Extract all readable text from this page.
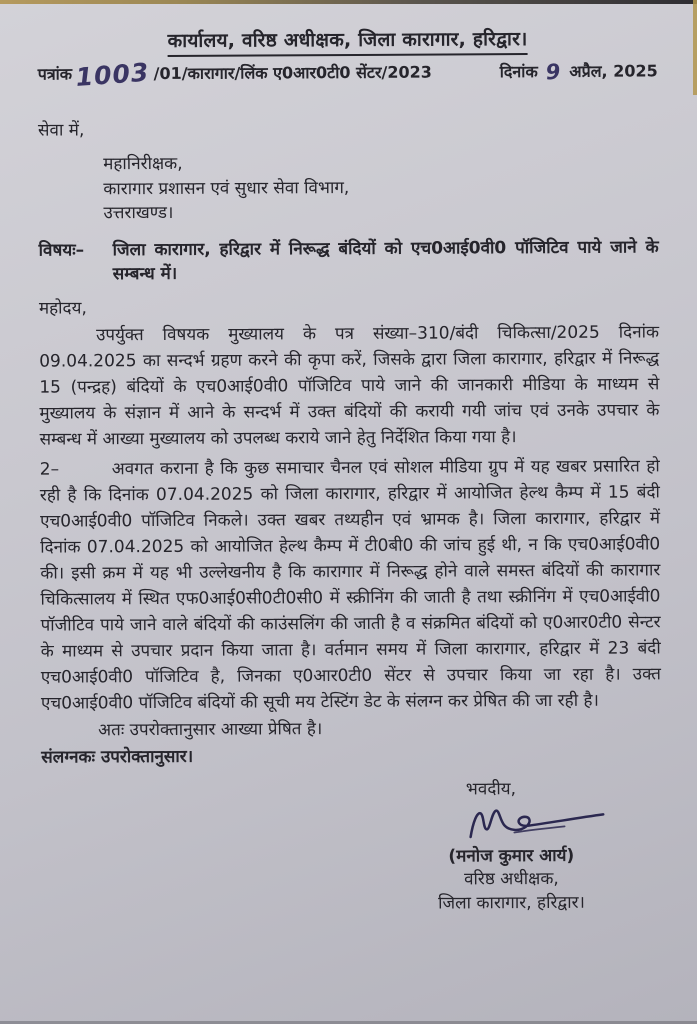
कार्यालय, वरिष्ठ अधीक्षक, जिला कारागार, हरिद्वार।
पत्रांक 1003 /01/कारागार/लिंक ए0आर0टी0 सेंटर/2023	दिनांक 9 अप्रैल, 2025
सेवा में,
महानिरीक्षक,
कारागार प्रशासन एवं सुधार सेवा विभाग,
उत्तराखण्ड।
विषयः–	जिला कारागार, हरिद्वार में निरूद्ध बंदियों को एच0आई0वी0 पॉजिटिव पाये जाने के सम्बन्ध में।
महोदय,

उपर्युक्त विषयक मुख्यालय के पत्र संख्या–310/बंदी चिकित्सा/2025 दिनांक 09.04.2025 का सन्दर्भ ग्रहण करने की कृपा करें, जिसके द्वारा जिला कारागार, हरिद्वार में निरूद्ध 15 (पन्द्रह) बंदियों के एच0आई0वी0 पॉजिटिव पाये जाने की जानकारी मीडिया के माध्यम से मुख्यालय के संज्ञान में आने के सन्दर्भ में उक्त बंदियों की करायी गयी जांच एवं उनके उपचार के सम्बन्ध में आख्या मुख्यालय को उपलब्ध कराये जाने हेतु निर्देशित किया गया है।

2–	अवगत कराना है कि कुछ समाचार चैनल एवं सोशल मीडिया ग्रुप में यह खबर प्रसारित हो रही है कि दिनांक 07.04.2025 को जिला कारागार, हरिद्वार में आयोजित हेल्थ कैम्प में 15 बंदी एच0आई0वी0 पॉजिटिव निकले। उक्त खबर तथ्यहीन एवं भ्रामक है। जिला कारागार, हरिद्वार में दिनांक 07.04.2025 को आयोजित हेल्थ कैम्प में टी0बी0 की जांच हुई थी, न कि एच0आई0वी0 की। इसी क्रम में यह भी उल्लेखनीय है कि कारागार में निरूद्ध होने वाले समस्त बंदियों की कारागार चिकित्सालय में स्थित एफ0आई0सी0टी0सी0 में स्क्रीनिंग की जाती है तथा स्क्रीनिंग में एच0आईवी0 पॉजीटिव पाये जाने वाले बंदियों की काउंसलिंग की जाती है व संक्रमित बंदियों को ए0आर0टी0 सेन्टर के माध्यम से उपचार प्रदान किया जाता है। वर्तमान समय में जिला कारागार, हरिद्वार में 23 बंदी एच0आई0वी0 पॉजिटिव है, जिनका ए0आर0टी0 सेंटर से उपचार किया जा रहा है। उक्त एच0आई0वी0 पॉजिटिव बंदियों की सूची मय टेस्टिंग डेट के संलग्न कर प्रेषित की जा रही है।

अतः उपरोक्तानुसार आख्या प्रेषित है।
संलग्नकः उपरोक्तानुसार।
भवदीय,
(मनोज कुमार आर्य)
वरिष्ठ अधीक्षक,
जिला कारागार, हरिद्वार।
